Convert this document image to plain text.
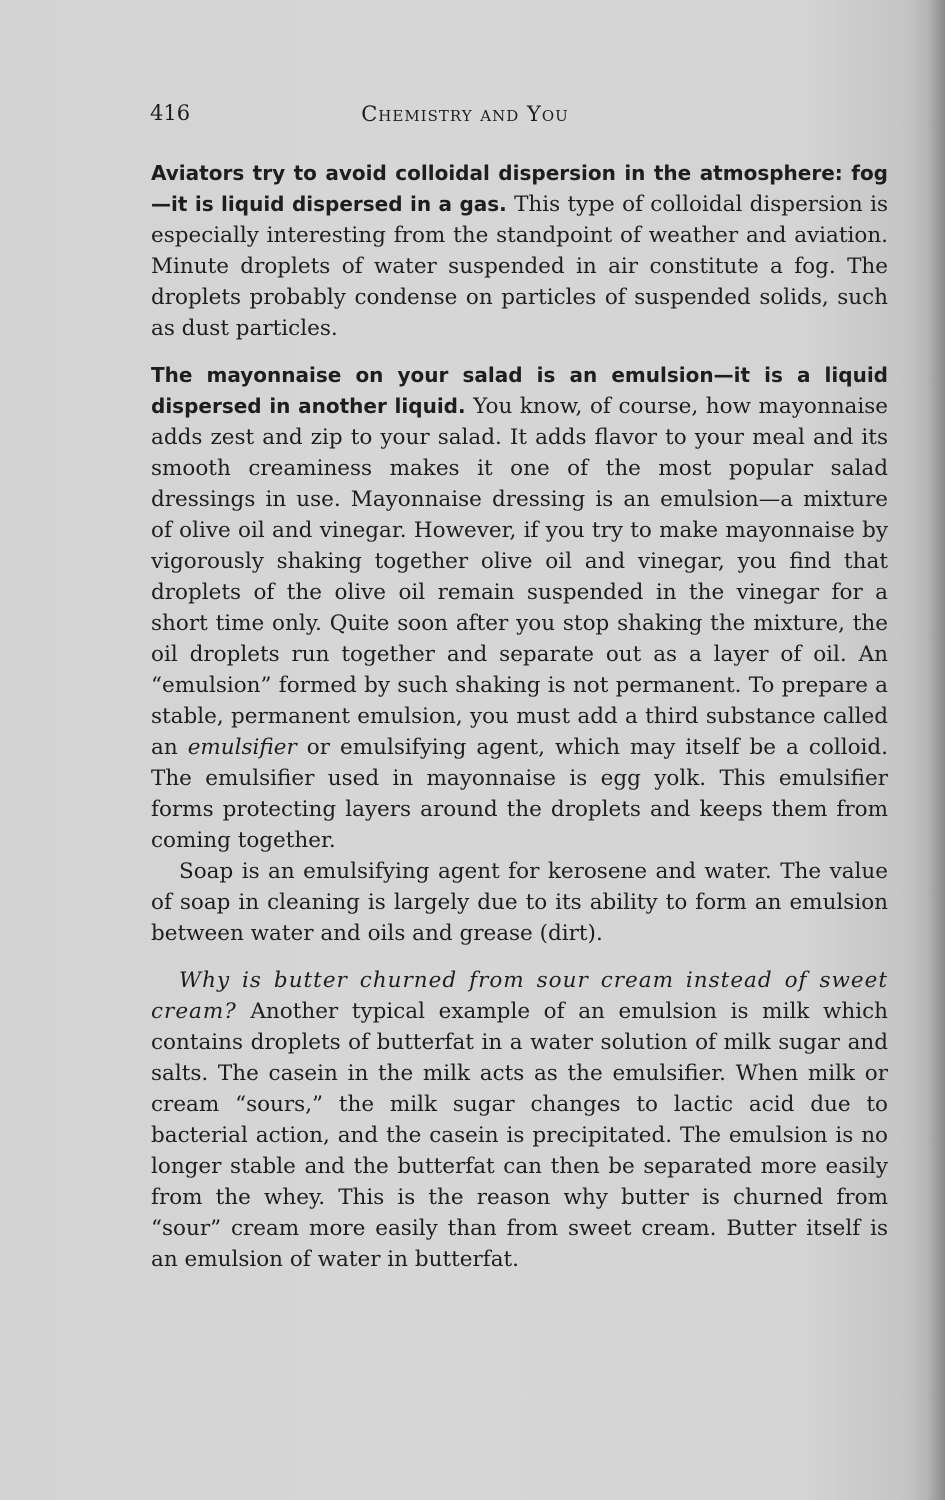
416	Chemistry and You

Aviators try to avoid colloidal dispersion in the atmosphere: fog—it is liquid dispersed in a gas. This type of colloidal dispersion is especially interesting from the standpoint of weather and aviation. Minute droplets of water suspended in air constitute a fog. The droplets probably condense on particles of suspended solids, such as dust particles.

The mayonnaise on your salad is an emulsion—it is a liquid dispersed in another liquid. You know, of course, how mayonnaise adds zest and zip to your salad. It adds flavor to your meal and its smooth creaminess makes it one of the most popular salad dressings in use. Mayonnaise dressing is an emulsion—a mixture of olive oil and vinegar. However, if you try to make mayonnaise by vigorously shaking together olive oil and vinegar, you find that droplets of the olive oil remain suspended in the vinegar for a short time only. Quite soon after you stop shaking the mixture, the oil droplets run together and separate out as a layer of oil. An “emulsion” formed by such shaking is not permanent. To prepare a stable, permanent emulsion, you must add a third substance called an emulsifier or emulsifying agent, which may itself be a colloid. The emulsifier used in mayonnaise is egg yolk. This emulsifier forms protecting layers around the droplets and keeps them from coming together.

Soap is an emulsifying agent for kerosene and water. The value of soap in cleaning is largely due to its ability to form an emulsion between water and oils and grease (dirt).

Why is butter churned from sour cream instead of sweet cream? Another typical example of an emulsion is milk which contains droplets of butterfat in a water solution of milk sugar and salts. The casein in the milk acts as the emulsifier. When milk or cream “sours,” the milk sugar changes to lactic acid due to bacterial action, and the casein is precipitated. The emulsion is no longer stable and the butterfat can then be separated more easily from the whey. This is the reason why butter is churned from “sour” cream more easily than from sweet cream. Butter itself is an emulsion of water in butterfat.
